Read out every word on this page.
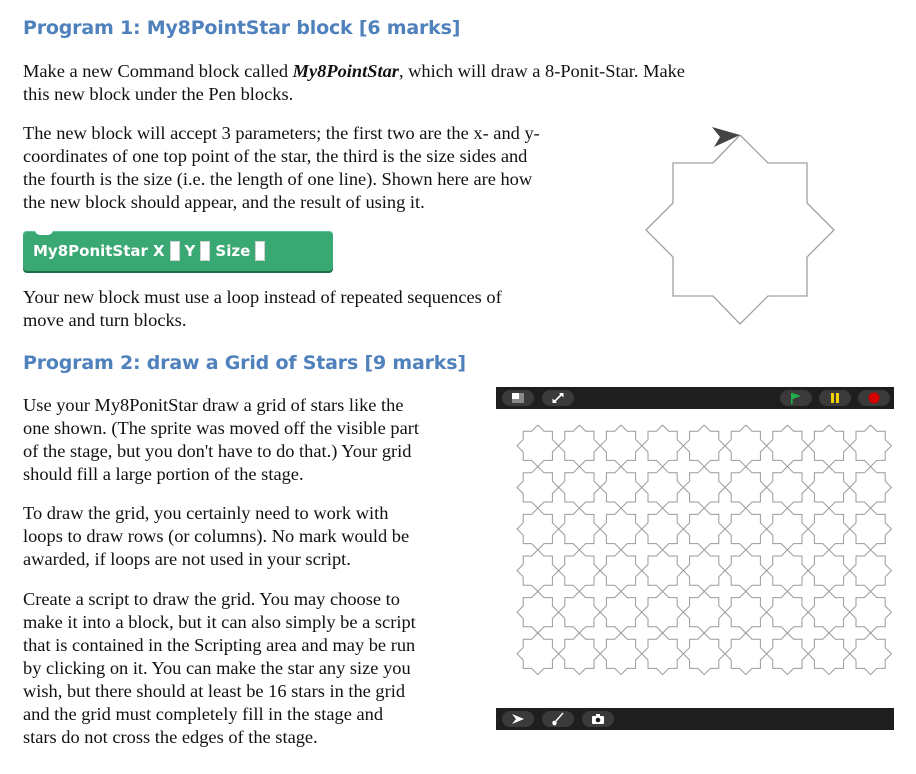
Program 1: My8PointStar block [6 marks]
Make a new Command block called My8PointStar, which will draw a 8-Ponit-Star. Make
this new block under the Pen blocks.
The new block will accept 3 parameters; the first two are the x- and y-
coordinates of one top point of the star, the third is the size sides and
the fourth is the size (i.e. the length of one line). Shown here are how
the new block should appear, and the result of using it.
My8PonitStar X Y Size
Your new block must use a loop instead of repeated sequences of
move and turn blocks.
Program 2: draw a Grid of Stars [9 marks]
Use your My8PonitStar draw a grid of stars like the
one shown. (The sprite was moved off the visible part
of the stage, but you don't have to do that.) Your grid
should fill a large portion of the stage.
To draw the grid, you certainly need to work with
loops to draw rows (or columns). No mark would be
awarded, if loops are not used in your script.
Create a script to draw the grid. You may choose to
make it into a block, but it can also simply be a script
that is contained in the Scripting area and may be run
by clicking on it. You can make the star any size you
wish, but there should at least be 16 stars in the grid
and the grid must completely fill in the stage and
stars do not cross the edges of the stage.
